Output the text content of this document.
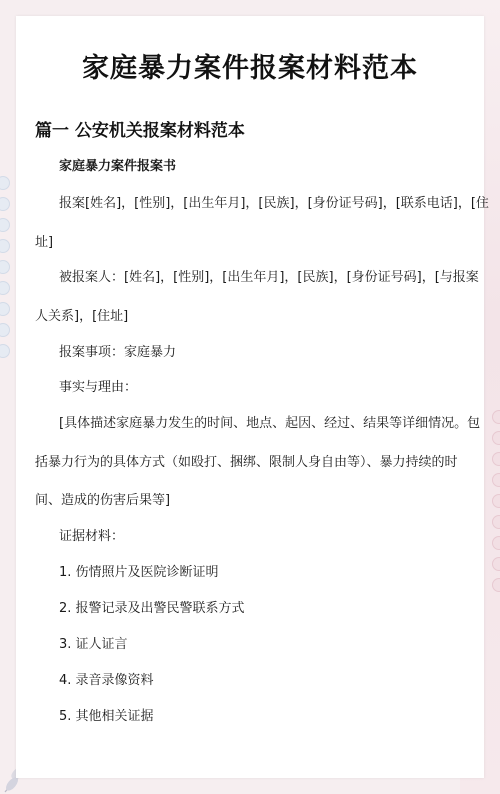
家庭暴力案件报案材料范本
篇一 公安机关报案材料范本
家庭暴力案件报案书
报案[姓名]，[性别]，[出生年月]，[民族]，[身份证号码]，[联系电话]，[住
址]
被报案人：[姓名]，[性别]，[出生年月]，[民族]，[身份证号码]，[与报案
人关系]，[住址]
报案事项：家庭暴力
事实与理由：
[具体描述家庭暴力发生的时间、地点、起因、经过、结果等详细情况。包
括暴力行为的具体方式（如殴打、捆绑、限制人身自由等）、暴力持续的时
间、造成的伤害后果等]
证据材料：
1. 伤情照片及医院诊断证明
2. 报警记录及出警民警联系方式
3. 证人证言
4. 录音录像资料
5. 其他相关证据
